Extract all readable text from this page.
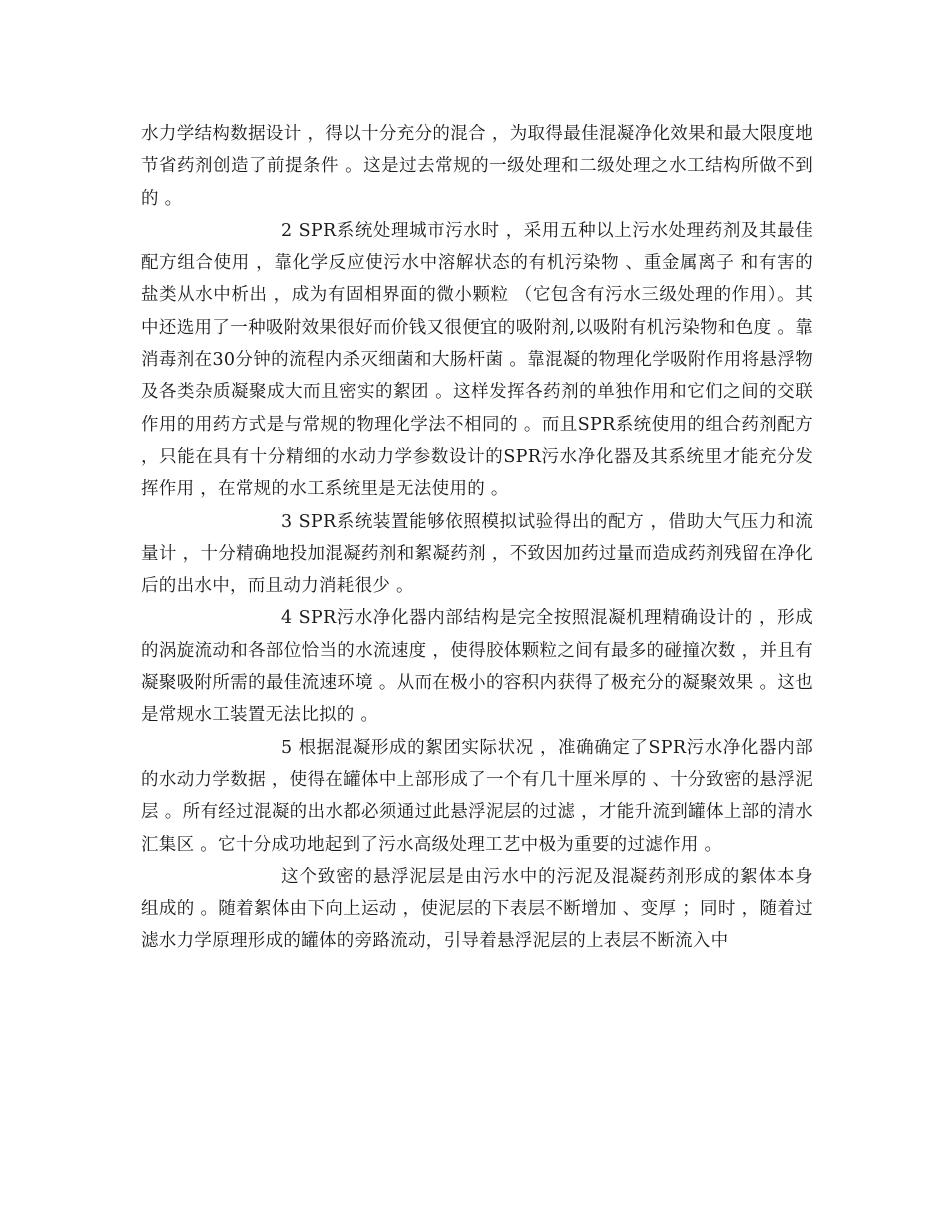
水力学结构数据设计 ，得以十分充分的混合 ，为取得最佳混凝净化效果和最大限度地节省药剂创造了前提条件 。这是过去常规的一级处理和二级处理之水工结构所做不到的 。

2 SPR系统处理城市污水时 ，采用五种以上污水处理药剂及其最佳配方组合使用 ，靠化学反应使污水中溶解状态的有机污染物 、重金属离子 和有害的盐类从水中析出 ，成为有固相界面的微小颗粒 （它包含有污水三级处理的作用）。其中还选用了一种吸附效果很好而价钱又很便宜的吸附剂,以吸附有机污染物和色度 。靠消毒剂在30分钟的流程内杀灭细菌和大肠杆菌 。靠混凝的物理化学吸附作用将悬浮物及各类杂质凝聚成大而且密实的絮团 。这样发挥各药剂的单独作用和它们之间的交联作用的用药方式是与常规的物理化学法不相同的 。而且SPR系统使用的组合药剂配方 ，只能在具有十分精细的水动力学参数设计的SPR污水净化器及其系统里才能充分发挥作用 ，在常规的水工系统里是无法使用的 。

3 SPR系统装置能够依照模拟试验得出的配方 ，借助大气压力和流量计 ，十分精确地投加混凝药剂和絮凝药剂 ，不致因加药过量而造成药剂残留在净化后的出水中，而且动力消耗很少 。

4 SPR污水净化器内部结构是完全按照混凝机理精确设计的 ，形成的涡旋流动和各部位恰当的水流速度 ，使得胶体颗粒之间有最多的碰撞次数 ，并且有凝聚吸附所需的最佳流速环境 。从而在极小的容积内获得了极充分的凝聚效果 。这也是常规水工装置无法比拟的 。

5 根据混凝形成的絮团实际状况 ，准确确定了SPR污水净化器内部的水动力学数据 ，使得在罐体中上部形成了一个有几十厘米厚的 、十分致密的悬浮泥层 。所有经过混凝的出水都必须通过此悬浮泥层的过滤 ，才能升流到罐体上部的清水汇集区 。它十分成功地起到了污水高级处理工艺中极为重要的过滤作用 。

这个致密的悬浮泥层是由污水中的污泥及混凝药剂形成的絮体本身组成的 。随着絮体由下向上运动 ，使泥层的下表层不断增加 、变厚 ；同时 ，随着过滤水力学原理形成的罐体的旁路流动，引导着悬浮泥层的上表层不断流入中
